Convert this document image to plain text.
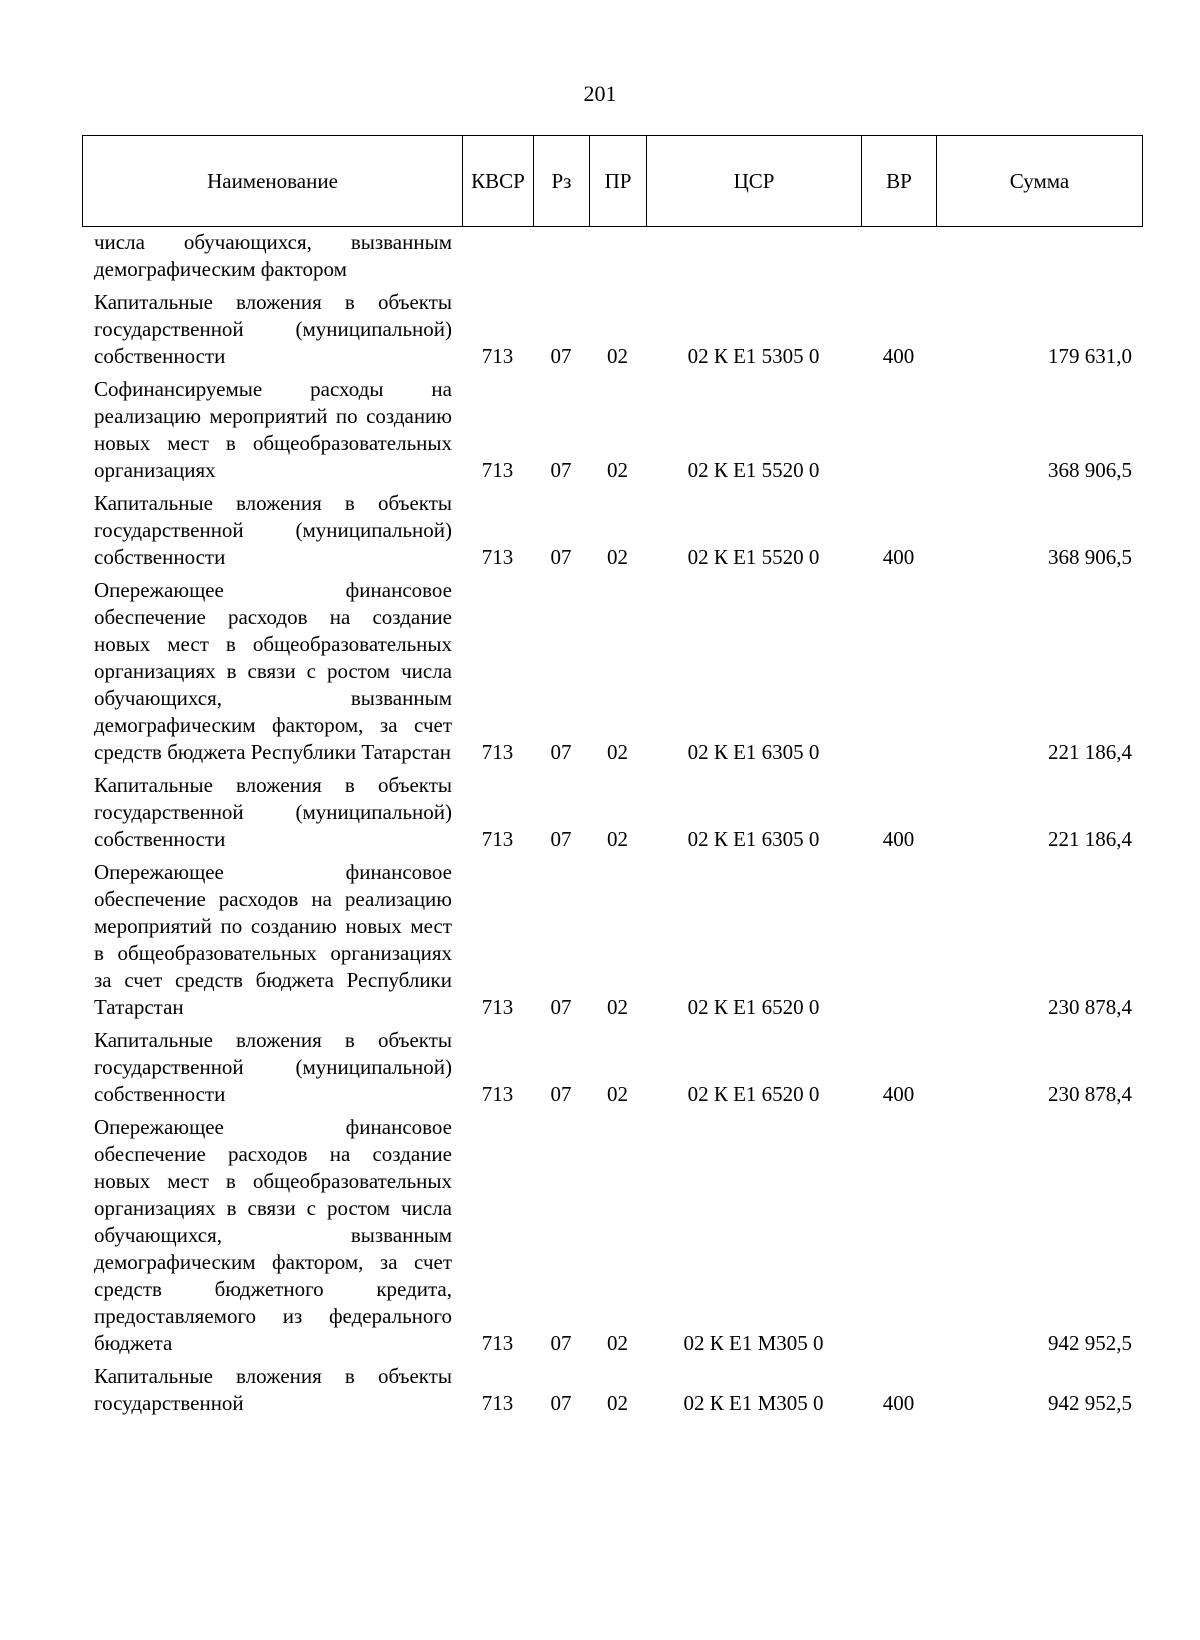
201
Наименование	КВСР	Рз	ПР	ЦСР	ВР	Сумма
числа обучающихся, вызванным демографическим фактором						
Капитальные вложения в объекты государственной (муниципальной) собственности	713	07	02	02 К Е1 5305 0	400	179 631,0
Софинансируемые расходы на реализацию мероприятий по созданию новых мест в общеобразовательных организациях	713	07	02	02 К Е1 5520 0		368 906,5
Капитальные вложения в объекты государственной (муниципальной) собственности	713	07	02	02 К Е1 5520 0	400	368 906,5
Опережающее финансовое обеспечение расходов на создание новых мест в общеобразовательных организациях в связи с ростом числа обучающихся, вызванным демографическим фактором, за счет средств бюджета Республики Татарстан	713	07	02	02 К Е1 6305 0		221 186,4
Капитальные вложения в объекты государственной (муниципальной) собственности	713	07	02	02 К Е1 6305 0	400	221 186,4
Опережающее финансовое обеспечение расходов на реализацию мероприятий по созданию новых мест в общеобразовательных организациях за счет средств бюджета Республики Татарстан	713	07	02	02 К Е1 6520 0		230 878,4
Капитальные вложения в объекты государственной (муниципальной) собственности	713	07	02	02 К Е1 6520 0	400	230 878,4
Опережающее финансовое обеспечение расходов на создание новых мест в общеобразовательных организациях в связи с ростом числа обучающихся, вызванным демографическим фактором, за счет средств бюджетного кредита, предоставляемого из федерального бюджета	713	07	02	02 К Е1 М305 0		942 952,5
Капитальные вложения в объекты государственной	713	07	02	02 К Е1 М305 0	400	942 952,5
